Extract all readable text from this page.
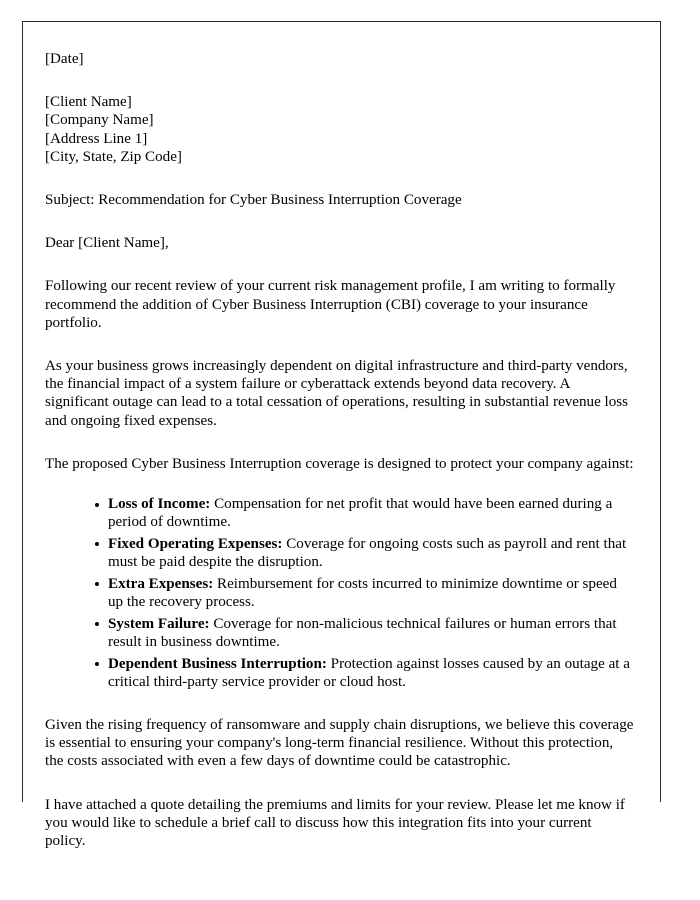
[Date]

[Client Name]
[Company Name]
[Address Line 1]
[City, State, Zip Code]

Subject: Recommendation for Cyber Business Interruption Coverage

Dear [Client Name],

Following our recent review of your current risk management profile, I am writing to formally recommend the addition of Cyber Business Interruption (CBI) coverage to your insurance portfolio.

As your business grows increasingly dependent on digital infrastructure and third-party vendors, the financial impact of a system failure or cyberattack extends beyond data recovery. A significant outage can lead to a total cessation of operations, resulting in substantial revenue loss and ongoing fixed expenses.

The proposed Cyber Business Interruption coverage is designed to protect your company against:

Loss of Income: Compensation for net profit that would have been earned during a period of downtime.
Fixed Operating Expenses: Coverage for ongoing costs such as payroll and rent that must be paid despite the disruption.
Extra Expenses: Reimbursement for costs incurred to minimize downtime or speed up the recovery process.
System Failure: Coverage for non-malicious technical failures or human errors that result in business downtime.
Dependent Business Interruption: Protection against losses caused by an outage at a critical third-party service provider or cloud host.

Given the rising frequency of ransomware and supply chain disruptions, we believe this coverage is essential to ensuring your company's long-term financial resilience. Without this protection, the costs associated with even a few days of downtime could be catastrophic.

I have attached a quote detailing the premiums and limits for your review. Please let me know if you would like to schedule a brief call to discuss how this integration fits into your current policy.
